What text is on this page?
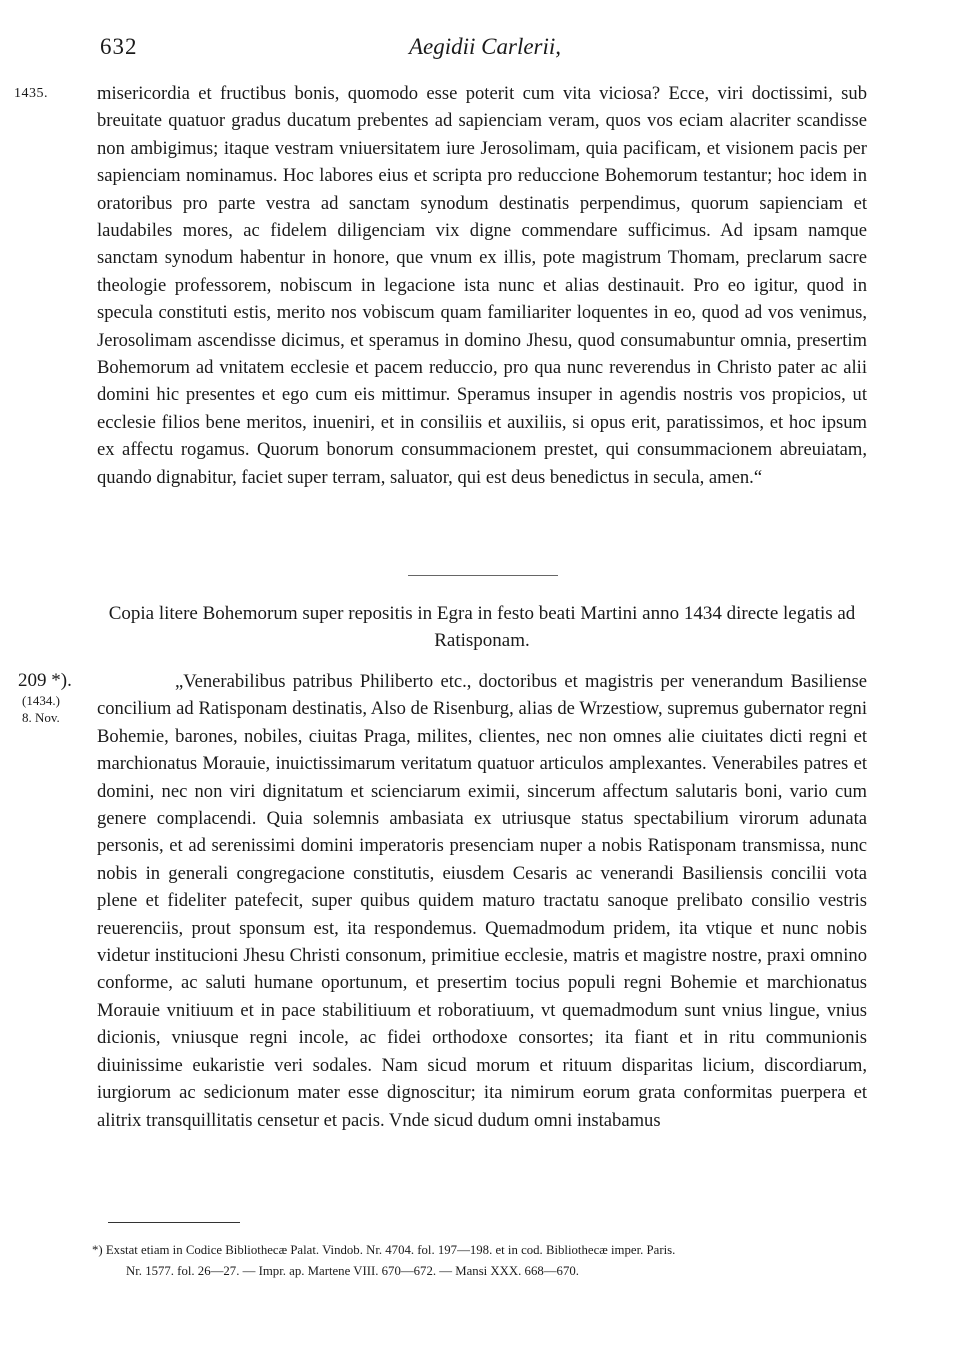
632	Aegidii Carlerii,
1435.	misericordia et fructibus bonis, quomodo esse poterit cum vita viciosa? Ecce, viri doctissimi, sub breuitate quatuor gradus ducatum prebentes ad sapienciam veram, quos vos eciam alacriter scandisse non ambigimus; itaque vestram vniuersitatem iure Jerosolimam, quia pacificam, et visionem pacis per sapienciam nominamus. Hoc labores eius et scripta pro reduccione Bohemorum testantur; hoc idem in oratoribus pro parte vestra ad sanctam synodum destinatis perpendimus, quorum sapienciam et laudabiles mores, ac fidelem diligenciam vix digne commendare sufficimus. Ad ipsam namque sanctam synodum habentur in honore, que vnum ex illis, pote magistrum Thomam, preclarum sacre theologie professorem, nobiscum in legacione ista nunc et alias destinauit. Pro eo igitur, quod in specula constituti estis, merito nos vobiscum quam familiariter loquentes in eo, quod ad vos venimus, Jerosolimam ascendisse dicimus, et speramus in domino Jhesu, quod consumabuntur omnia, presertim Bohemorum ad vnitatem ecclesie et pacem reduccio, pro qua nunc reverendus in Christo pater ac alii domini hic presentes et ego cum eis mittimur. Speramus insuper in agendis nostris vos propicios, ut ecclesie filios bene meritos, inueniri, et in consiliis et auxiliis, si opus erit, paratissimos, et hoc ipsum ex affectu rogamus. Quorum bonorum consummacionem prestet, qui consummacionem abreuiatam, quando dignabitur, faciet super terram, saluator, qui est deus benedictus in secula, amen.“

Copia litere Bohemorum super repositis in Egra in festo beati Martini anno 1434 directe legatis ad Ratisponam.
209 *).
(1434.)
8. Nov.

„Venerabilibus patribus Philiberto etc., doctoribus et magistris per venerandum Basiliense concilium ad Ratisponam destinatis, Also de Risenburg, alias de Wrzestiow, supremus gubernator regni Bohemie, barones, nobiles, ciuitas Praga, milites, clientes, nec non omnes alie ciuitates dicti regni et marchionatus Morauie, inuictissimarum veritatum quatuor articulos amplexantes. Venerabiles patres et domini, nec non viri dignitatum et scienciarum eximii, sincerum affectum salutaris boni, vario cum genere complacendi. Quia solemnis ambasiata ex utriusque status spectabilium virorum adunata personis, et ad serenissimi domini imperatoris presenciam nuper a nobis Ratisponam transmissa, nunc nobis in generali congregacione constitutis, eiusdem Cesaris ac venerandi Basiliensis concilii vota plene et fideliter patefecit, super quibus quidem maturo tractatu sanoque prelibato consilio vestris reuerenciis, prout sponsum est, ita respondemus. Quemadmodum pridem, ita vtique et nunc nobis videtur institucioni Jhesu Christi consonum, primitiue ecclesie, matris et magistre nostre, praxi omnino conforme, ac saluti humane oportunum, et presertim tocius populi regni Bohemie et marchionatus Morauie vnitiuum et in pace stabilitiuum et roboratiuum, vt quemadmodum sunt vnius lingue, vnius dicionis, vniusque regni incole, ac fidei orthodoxe consortes; ita fiant et in ritu communionis diuinissime eukaristie veri sodales. Nam sicud morum et rituum disparitas licium, discordiarum, iurgiorum ac sedicionum mater esse dignoscitur; ita nimirum eorum grata conformitas puerpera et alitrix transquillitatis censetur et pacis. Vnde sicud dudum omni instabamus

*) Exstat etiam in Codice Bibliothecæ Palat. Vindob. Nr. 4704. fol. 197—198. et in cod. Bibliothecæ imper. Paris.

Nr. 1577. fol. 26—27. — Impr. ap. Martene VIII. 670—672. — Mansi XXX. 668—670.
